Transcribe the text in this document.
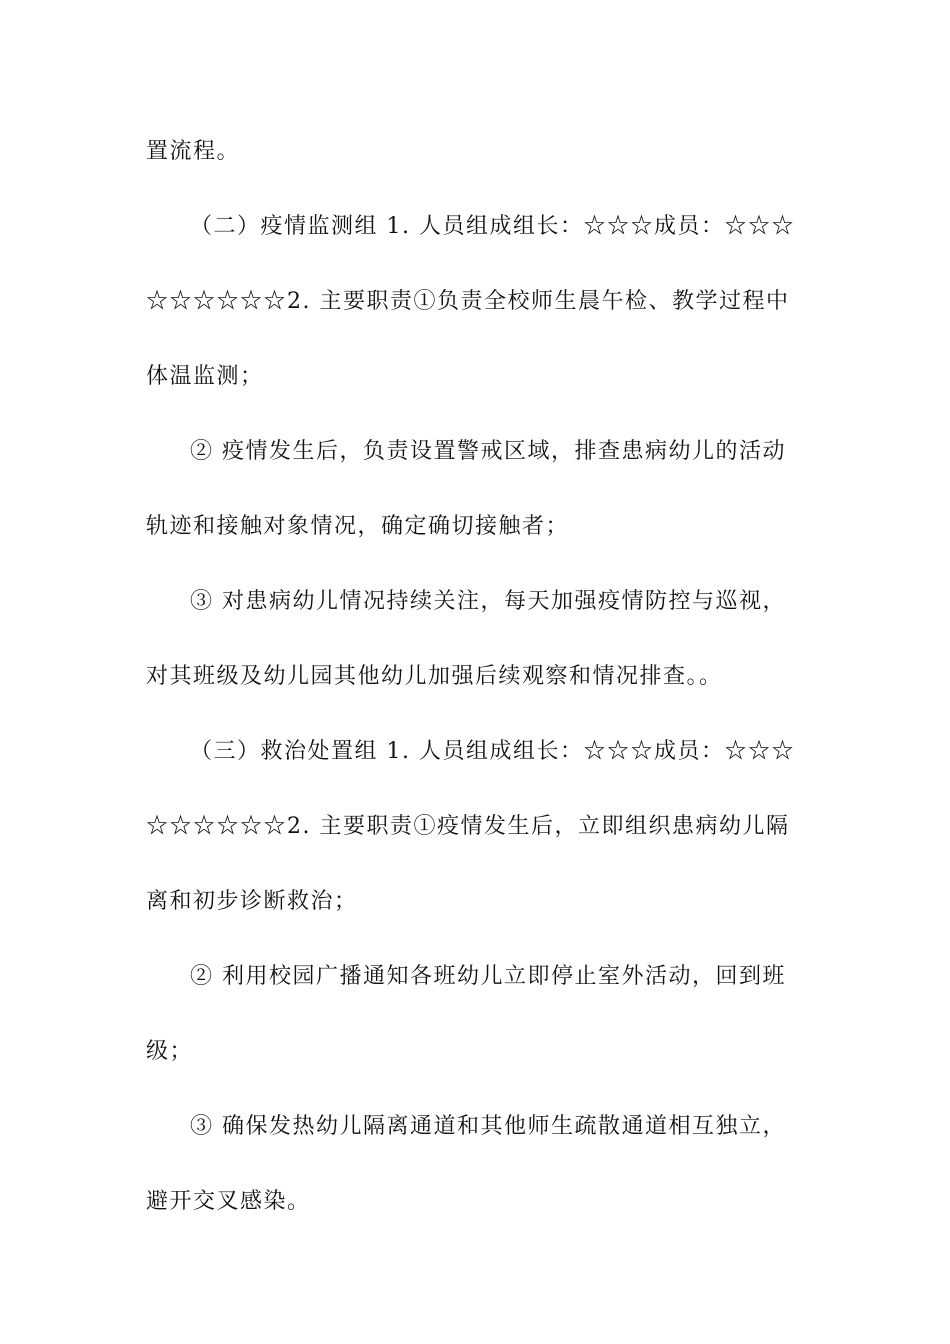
置流程。
（二）疫情监测组 1. 人员组成组长：☆☆☆成员：☆☆☆
☆☆☆☆☆☆2. 主要职责①负责全校师生晨午检、教学过程中
体温监测；
② 疫情发生后，负责设置警戒区域，排查患病幼儿的活动
轨迹和接触对象情况，确定确切接触者；
③ 对患病幼儿情况持续关注，每天加强疫情防控与巡视，
对其班级及幼儿园其他幼儿加强后续观察和情况排查。。
（三）救治处置组 1. 人员组成组长：☆☆☆成员：☆☆☆
☆☆☆☆☆☆2. 主要职责①疫情发生后，立即组织患病幼儿隔
离和初步诊断救治；
② 利用校园广播通知各班幼儿立即停止室外活动，回到班
级；
③ 确保发热幼儿隔离通道和其他师生疏散通道相互独立，
避开交叉感染。
